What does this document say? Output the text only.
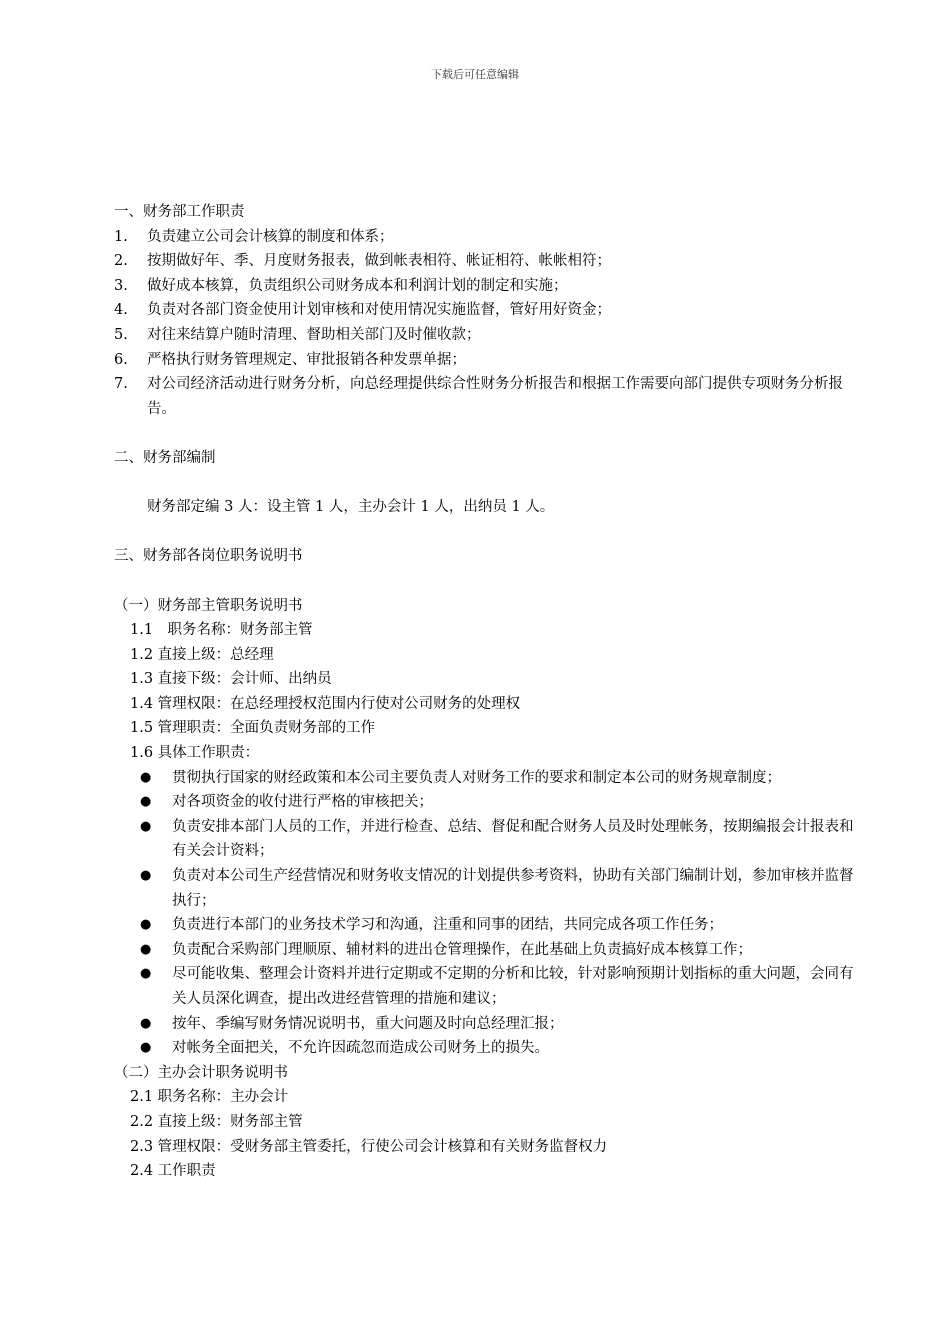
下载后可任意编辑
一、财务部工作职责
1.	负责建立公司会计核算的制度和体系；
2.	按期做好年、季、月度财务报表，做到帐表相符、帐证相符、帐帐相符；
3.	做好成本核算，负责组织公司财务成本和利润计划的制定和实施；
4.	负责对各部门资金使用计划审核和对使用情况实施监督，管好用好资金；
5.	对往来结算户随时清理、督助相关部门及时催收款；
6.	严格执行财务管理规定、审批报销各种发票单据；
7.	对公司经济活动进行财务分析，向总经理提供综合性财务分析报告和根据工作需要向部门提供专项财务分析报告。
二、财务部编制
财务部定编 3 人：设主管 1 人，主办会计 1 人，出纳员 1 人。
三、财务部各岗位职务说明书
（一）财务部主管职务说明书
1.1　职务名称：财务部主管
1.2 直接上级：总经理
1.3 直接下级：会计师、出纳员
1.4 管理权限：在总经理授权范围内行使对公司财务的处理权
1.5 管理职责：全面负责财务部的工作
1.6 具体工作职责：
●	贯彻执行国家的财经政策和本公司主要负责人对财务工作的要求和制定本公司的财务规章制度；
●	对各项资金的收付进行严格的审核把关；
●	负责安排本部门人员的工作，并进行检查、总结、督促和配合财务人员及时处理帐务，按期编报会计报表和有关会计资料；
●	负责对本公司生产经营情况和财务收支情况的计划提供参考资料，协助有关部门编制计划，参加审核并监督执行；
●	负责进行本部门的业务技术学习和沟通，注重和同事的团结，共同完成各项工作任务；
●	负责配合采购部门理顺原、辅材料的进出仓管理操作，在此基础上负责搞好成本核算工作；
●	尽可能收集、整理会计资料并进行定期或不定期的分析和比较，针对影响预期计划指标的重大问题，会同有关人员深化调查，提出改进经营管理的措施和建议；
●	按年、季编写财务情况说明书，重大问题及时向总经理汇报；
●	对帐务全面把关，不允许因疏忽而造成公司财务上的损失。
（二）主办会计职务说明书
2.1 职务名称：主办会计
2.2 直接上级：财务部主管
2.3 管理权限：受财务部主管委托，行使公司会计核算和有关财务监督权力
2.4 工作职责
